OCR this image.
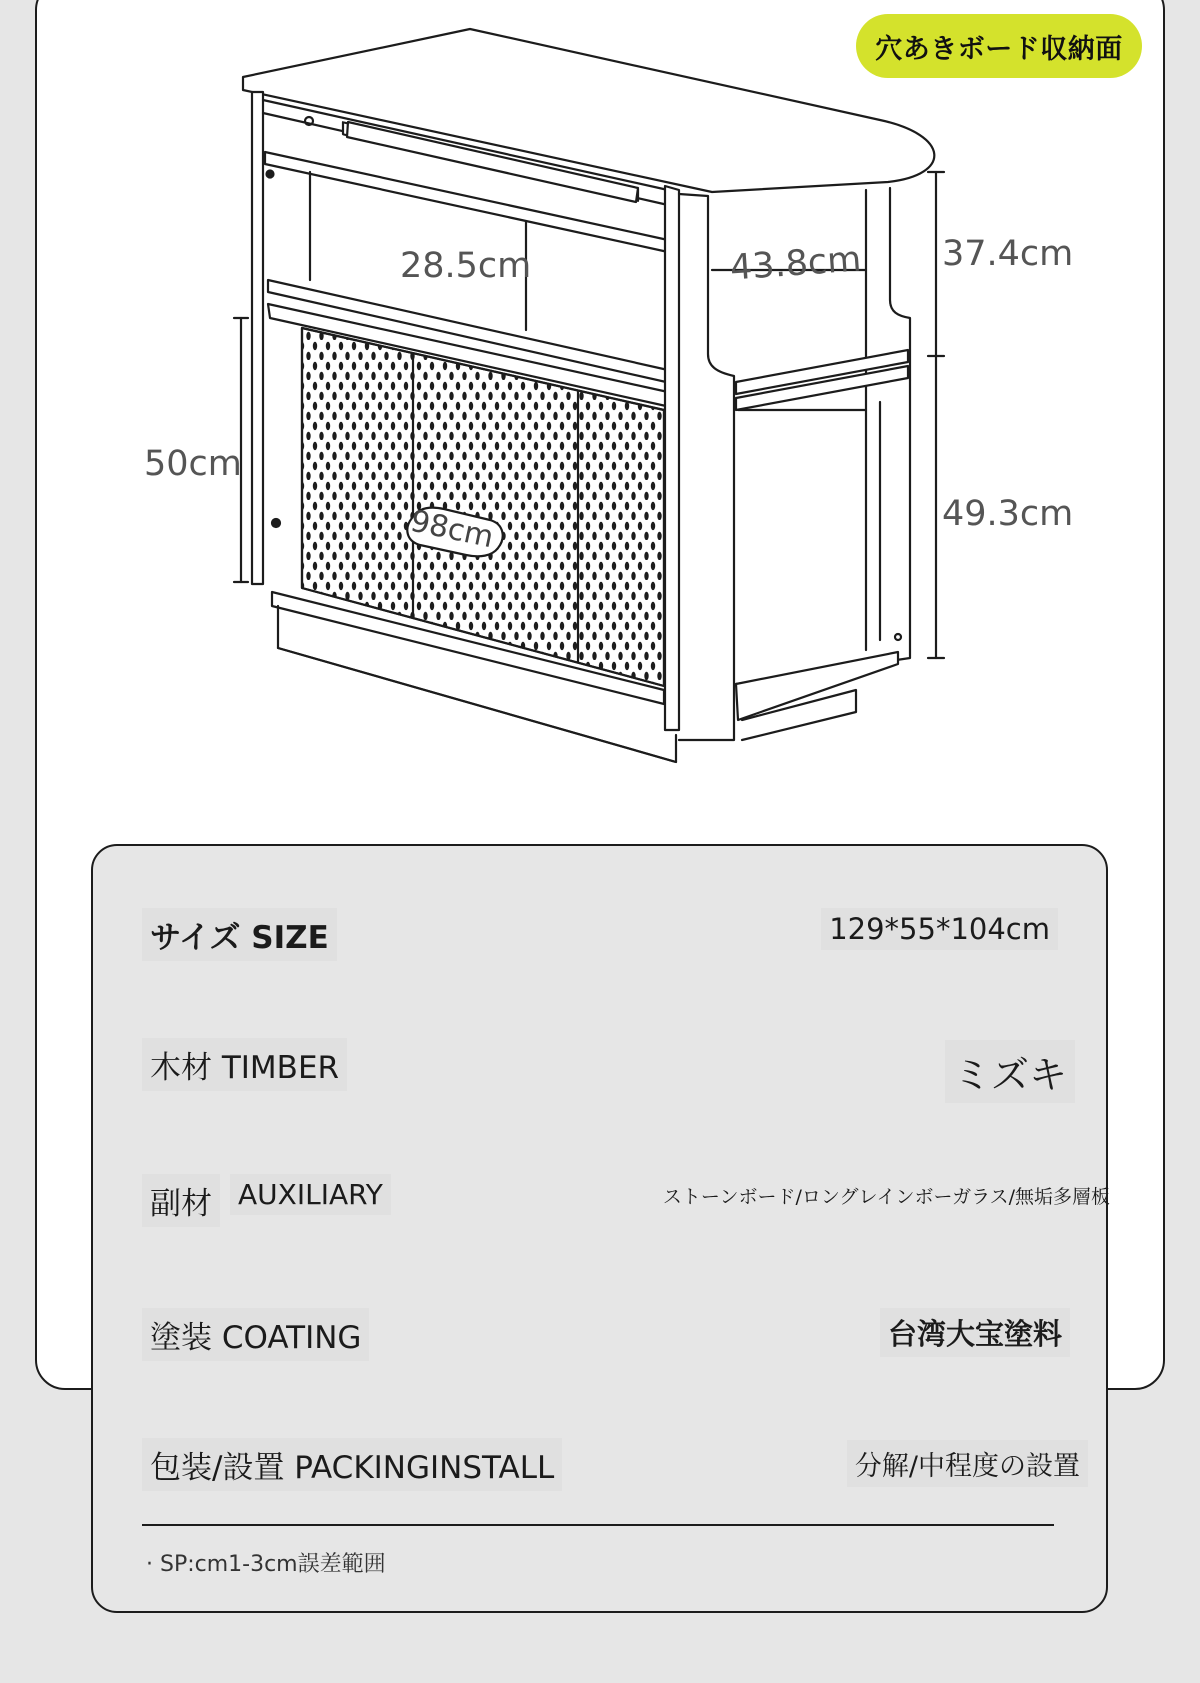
穴あきボード収納面
28.5cm	43.8cm 37.4cm
49.3cm
50cm
98cm
サイズ SIZE	129*55*104cm
木材 TIMBER	ミズキ
副材 AUXILIARY	ストーンボード/ロングレインボーガラス/無垢多層板
塗装 COATING	台湾大宝塗料
包装/設置 PACKINGINSTALL	分解/中程度の設置
· SP:cm1-3cm誤差範囲
